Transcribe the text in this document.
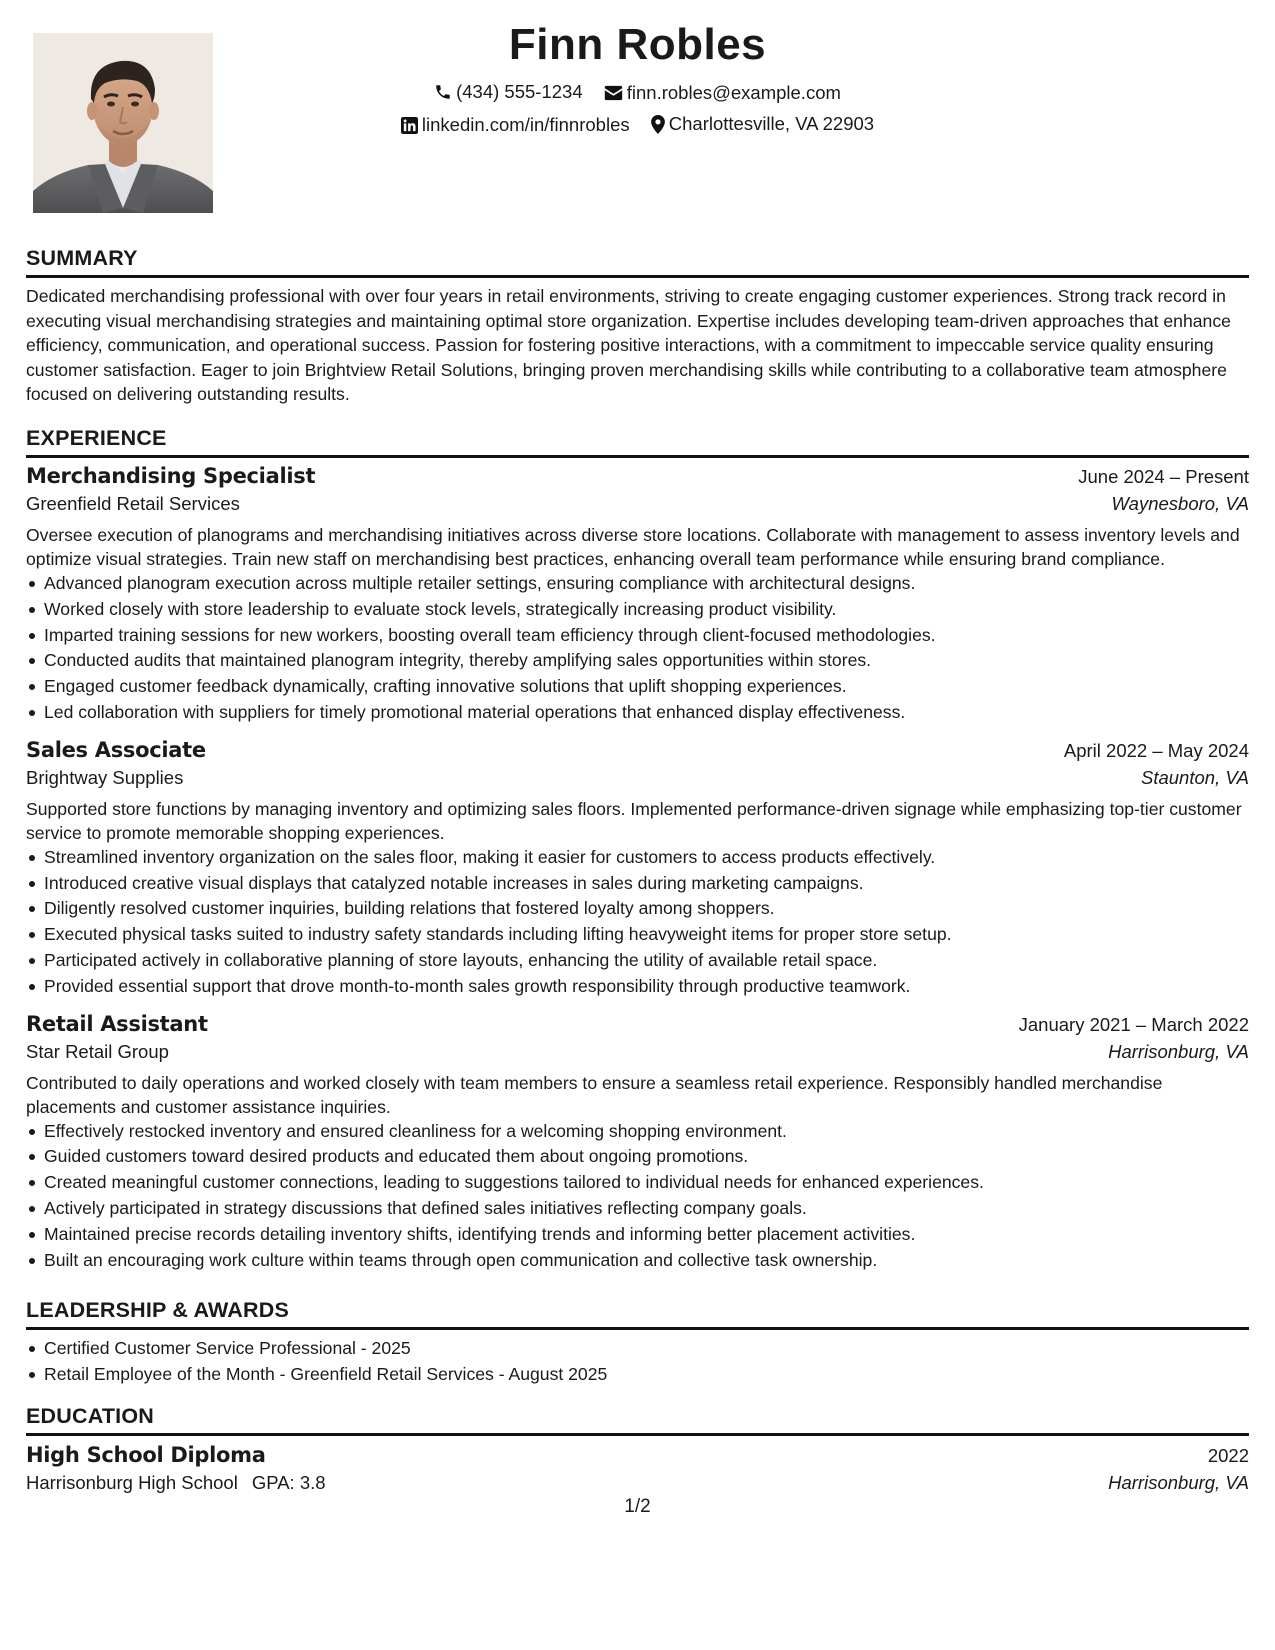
Finn Robles
(434) 555-1234
finn.robles@example.com
linkedin.com/in/finnrobles
Charlottesville, VA 22903
SUMMARY

Dedicated merchandising professional with over four years in retail environments, striving to create engaging customer experiences. Strong track record in executing visual merchandising strategies and maintaining optimal store organization. Expertise includes developing team-driven approaches that enhance efficiency, communication, and operational success. Passion for fostering positive interactions, with a commitment to impeccable service quality ensuring customer satisfaction. Eager to join Brightview Retail Solutions, bringing proven merchandising skills while contributing to a collaborative team atmosphere focused on delivering outstanding results.

EXPERIENCE
Merchandising Specialist	June 2024 – Present
Greenfield Retail Services	Waynesboro, VA

Oversee execution of planograms and merchandising initiatives across diverse store locations. Collaborate with management to assess inventory levels and optimize visual strategies. Train new staff on merchandising best practices, enhancing overall team performance while ensuring brand compliance.

Advanced planogram execution across multiple retailer settings, ensuring compliance with architectural designs.
Worked closely with store leadership to evaluate stock levels, strategically increasing product visibility.
Imparted training sessions for new workers, boosting overall team efficiency through client-focused methodologies.
Conducted audits that maintained planogram integrity, thereby amplifying sales opportunities within stores.
Engaged customer feedback dynamically, crafting innovative solutions that uplift shopping experiences.
Led collaboration with suppliers for timely promotional material operations that enhanced display effectiveness.
Sales Associate	April 2022 – May 2024
Brightway Supplies	Staunton, VA

Supported store functions by managing inventory and optimizing sales floors. Implemented performance-driven signage while emphasizing top-tier customer service to promote memorable shopping experiences.

Streamlined inventory organization on the sales floor, making it easier for customers to access products effectively.
Introduced creative visual displays that catalyzed notable increases in sales during marketing campaigns.
Diligently resolved customer inquiries, building relations that fostered loyalty among shoppers.
Executed physical tasks suited to industry safety standards including lifting heavyweight items for proper store setup.
Participated actively in collaborative planning of store layouts, enhancing the utility of available retail space.
Provided essential support that drove month-to-month sales growth responsibility through productive teamwork.
Retail Assistant	January 2021 – March 2022
Star Retail Group	Harrisonburg, VA

Contributed to daily operations and worked closely with team members to ensure a seamless retail experience. Responsibly handled merchandise placements and customer assistance inquiries.

Effectively restocked inventory and ensured cleanliness for a welcoming shopping environment.
Guided customers toward desired products and educated them about ongoing promotions.
Created meaningful customer connections, leading to suggestions tailored to individual needs for enhanced experiences.
Actively participated in strategy discussions that defined sales initiatives reflecting company goals.
Maintained precise records detailing inventory shifts, identifying trends and informing better placement activities.
Built an encouraging work culture within teams through open communication and collective task ownership.
LEADERSHIP & AWARDS
Certified Customer Service Professional - 2025
Retail Employee of the Month - Greenfield Retail Services - August 2025
EDUCATION
High School Diploma	2022
Harrisonburg High School GPA: 3.8	Harrisonburg, VA
1/2
